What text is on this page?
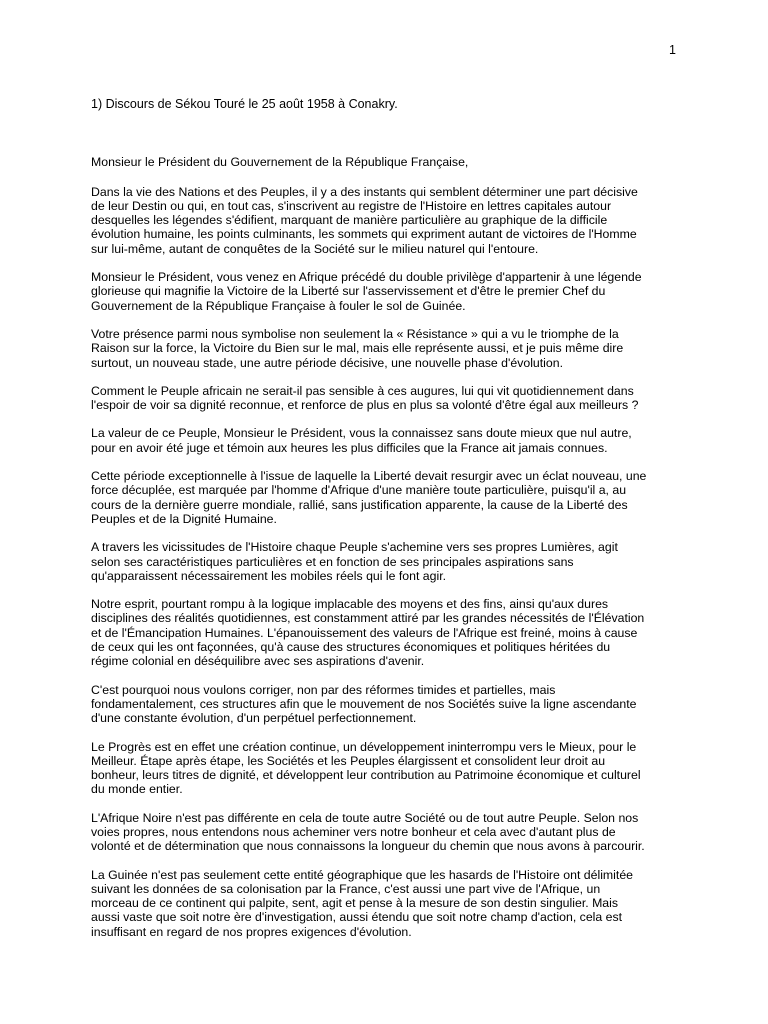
1
1) Discours de Sékou Touré le 25 août 1958 à Conakry.
Monsieur le Président du Gouvernement de la République Française,
Dans la vie des Nations et des Peuples, il y a des instants qui semblent déterminer une part décisive
de leur Destin ou qui, en tout cas, s'inscrivent au registre de l'Histoire en lettres capitales autour
desquelles les légendes s'édifient, marquant de manière particulière au graphique de la difficile
évolution humaine, les points culminants, les sommets qui expriment autant de victoires de l'Homme
sur lui-même, autant de conquêtes de la Société sur le milieu naturel qui l'entoure.
Monsieur le Président, vous venez en Afrique précédé du double privilège d'appartenir à une légende
glorieuse qui magnifie la Victoire de la Liberté sur l'asservissement et d'être le premier Chef du
Gouvernement de la République Française à fouler le sol de Guinée.
Votre présence parmi nous symbolise non seulement la « Résistance » qui a vu le triomphe de la
Raison sur la force, la Victoire du Bien sur le mal, mais elle représente aussi, et je puis même dire
surtout, un nouveau stade, une autre période décisive, une nouvelle phase d'évolution.
Comment le Peuple africain ne serait-il pas sensible à ces augures, lui qui vit quotidiennement dans
l'espoir de voir sa dignité reconnue, et renforce de plus en plus sa volonté d'être égal aux meilleurs ?
La valeur de ce Peuple, Monsieur le Président, vous la connaissez sans doute mieux que nul autre,
pour en avoir été juge et témoin aux heures les plus difficiles que la France ait jamais connues.
Cette période exceptionnelle à l'issue de laquelle la Liberté devait resurgir avec un éclat nouveau, une
force décuplée, est marquée par l'homme d'Afrique d'une manière toute particulière, puisqu'il a, au
cours de la dernière guerre mondiale, rallié, sans justification apparente, la cause de la Liberté des
Peuples et de la Dignité Humaine.
A travers les vicissitudes de l'Histoire chaque Peuple s'achemine vers ses propres Lumières, agit
selon ses caractéristiques particulières et en fonction de ses principales aspirations sans
qu'apparaissent nécessairement les mobiles réels qui le font agir.
Notre esprit, pourtant rompu à la logique implacable des moyens et des fins, ainsi qu'aux dures
disciplines des réalités quotidiennes, est constamment attiré par les grandes nécessités de l'Élévation
et de l'Émancipation Humaines. L'épanouissement des valeurs de l'Afrique est freiné, moins à cause
de ceux qui les ont façonnées, qu'à cause des structures économiques et politiques héritées du
régime colonial en déséquilibre avec ses aspirations d'avenir.
C'est pourquoi nous voulons corriger, non par des réformes timides et partielles, mais
fondamentalement, ces structures afin que le mouvement de nos Sociétés suive la ligne ascendante
d'une constante évolution, d'un perpétuel perfectionnement.
Le Progrès est en effet une création continue, un développement ininterrompu vers le Mieux, pour le
Meilleur. Étape après étape, les Sociétés et les Peuples élargissent et consolident leur droit au
bonheur, leurs titres de dignité, et développent leur contribution au Patrimoine économique et culturel
du monde entier.
L'Afrique Noire n'est pas différente en cela de toute autre Société ou de tout autre Peuple. Selon nos
voies propres, nous entendons nous acheminer vers notre bonheur et cela avec d'autant plus de
volonté et de détermination que nous connaissons la longueur du chemin que nous avons à parcourir.
La Guinée n'est pas seulement cette entité géographique que les hasards de l'Histoire ont délimitée
suivant les données de sa colonisation par la France, c'est aussi une part vive de l'Afrique, un
morceau de ce continent qui palpite, sent, agit et pense à la mesure de son destin singulier. Mais
aussi vaste que soit notre ère d'investigation, aussi étendu que soit notre champ d'action, cela est
insuffisant en regard de nos propres exigences d'évolution.
